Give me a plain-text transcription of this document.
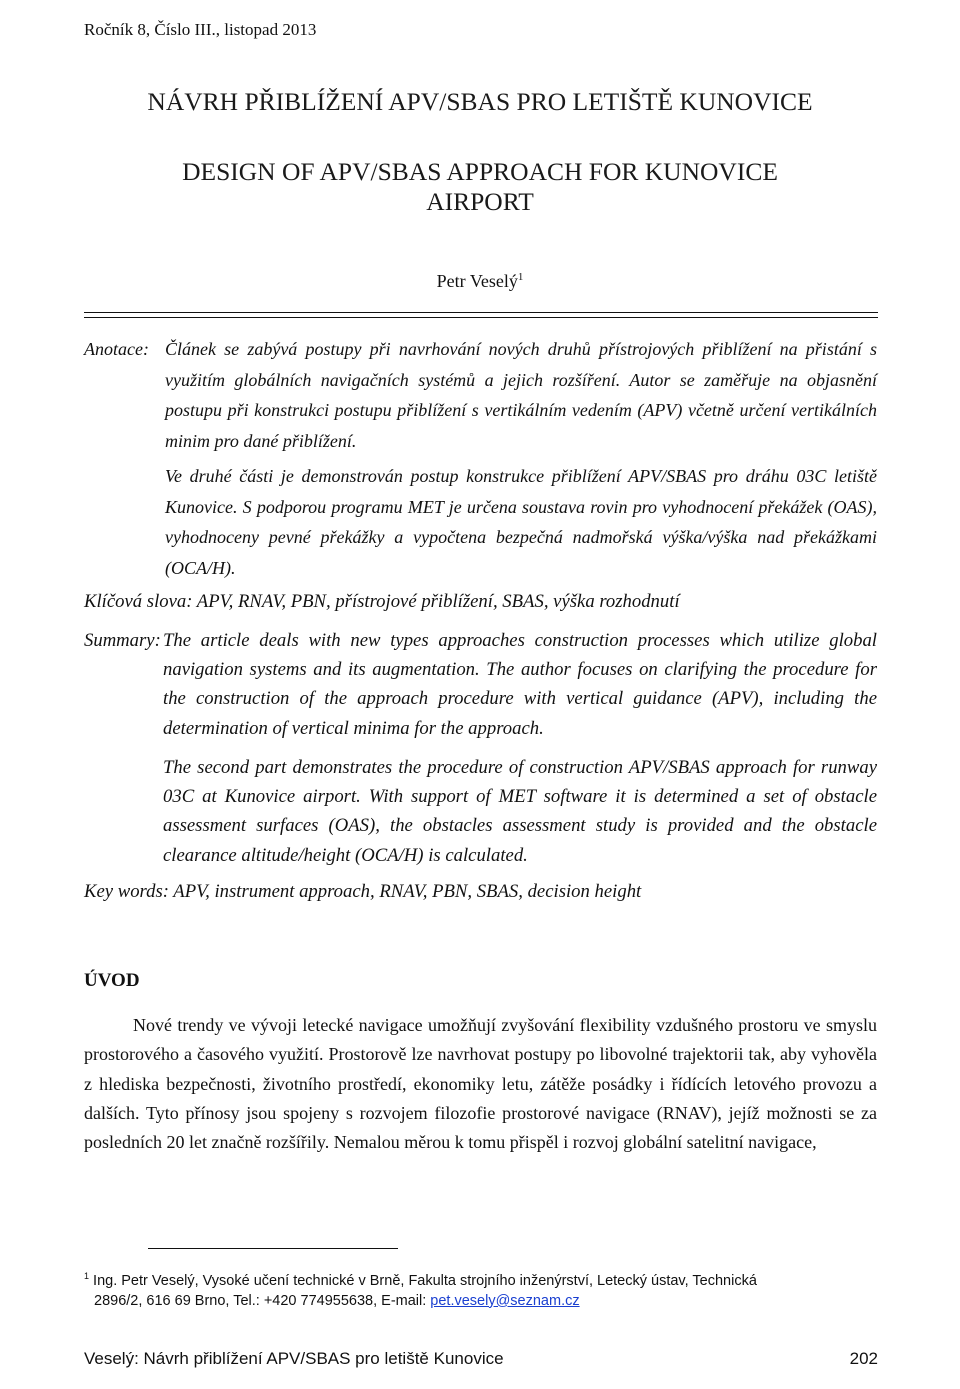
Ročník 8, Číslo III., listopad 2013
NÁVRH PŘIBLÍŽENÍ APV/SBAS PRO LETIŠTĚ KUNOVICE
DESIGN OF APV/SBAS APPROACH FOR KUNOVICE
AIRPORT
Petr Veselý$^1$
Anotace: Článek se zabývá postupy při navrhování nových druhů přístrojových přiblížení na přistání s využitím globálních navigačních systémů a jejich rozšíření. Autor se zaměřuje na objasnění postupu při konstrukci postupu přiblížení s vertikálním vedením (APV) včetně určení vertikálních minim pro dané přiblížení.
Ve druhé části je demonstrován postup konstrukce přiblížení APV/SBAS pro dráhu 03C letiště Kunovice. S podporou programu MET je určena soustava rovin pro vyhodnocení překážek (OAS), vyhodnoceny pevné překážky a vypočtena bezpečná nadmořská výška/výška nad překážkami (OCA/H).
Klíčová slova: APV, RNAV, PBN, přístrojové přiblížení, SBAS, výška rozhodnutí
Summary: The article deals with new types approaches construction processes which utilize global navigation systems and its augmentation. The author focuses on clarifying the procedure for the construction of the approach procedure with vertical guidance (APV), including the determination of vertical minima for the approach.
The second part demonstrates the procedure of construction APV/SBAS approach for runway 03C at Kunovice airport. With support of MET software it is determined a set of obstacle assessment surfaces (OAS), the obstacles assessment study is provided and the obstacle clearance altitude/height (OCA/H) is calculated.
Key words: APV, instrument approach, RNAV, PBN, SBAS, decision height
ÚVOD
Nové trendy ve vývoji letecké navigace umožňují zvyšování flexibility vzdušného prostoru ve smyslu prostorového a časového využití. Prostorově lze navrhovat postupy po libovolné trajektorii tak, aby vyhověla z hlediska bezpečnosti, životního prostředí, ekonomiky letu, zátěže posádky i řídících letového provozu a dalších. Tyto přínosy jsou spojeny s rozvojem filozofie prostorové navigace (RNAV), jejíž možnosti se za posledních 20 let značně rozšířily. Nemalou měrou k tomu přispěl i rozvoj globální satelitní navigace,
$^1$ Ing. Petr Veselý, Vysoké učení technické v Brně, Fakulta strojního inženýrství, Letecký ústav, Technická
2896/2, 616 69 Brno, Tel.: +420 774955638, E-mail: pet.vesely@seznam.cz
Veselý: Návrh přiblížení APV/SBAS pro letiště Kunovice	202
